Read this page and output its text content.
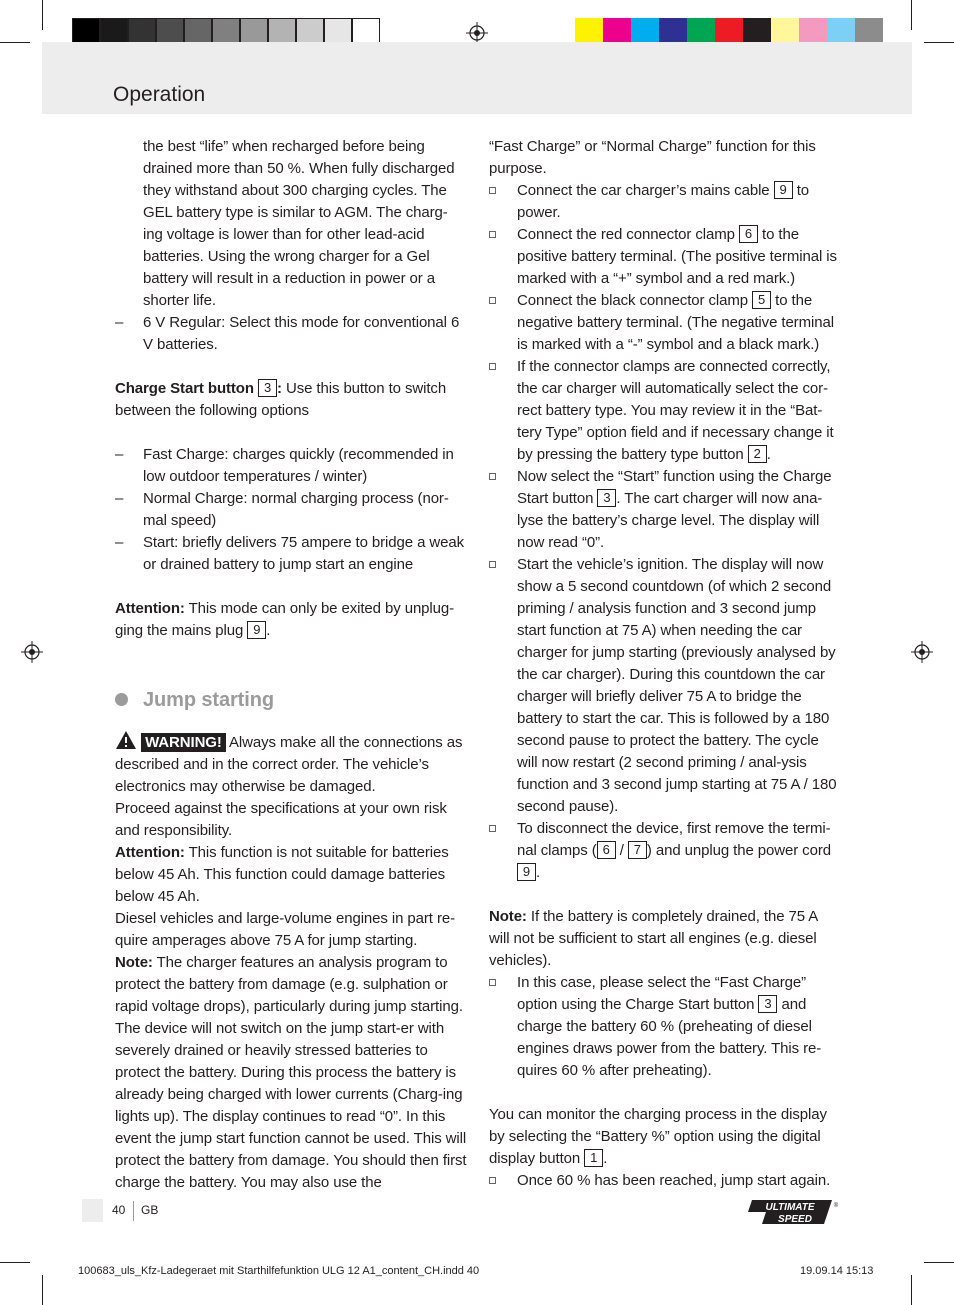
Operation

the best “life” when recharged before being drained more than 50 %. When fully discharged they withstand about 300 charging cycles. The GEL battery type is similar to AGM. The charg-ing voltage is lower than for other lead-acid batteries. Using the wrong charger for a Gel battery will result in a reduction in power or a shorter life.

– 6 V Regular: Select this mode for conventional 6 V batteries.

Charge Start button 3 : Use this button to switch between the following options

– Fast Charge: charges quickly (recommended in low outdoor temperatures / winter)

– Normal Charge: normal charging process (nor-mal speed)

– Start: briefly delivers 75 ampere to bridge a weak or drained battery to jump start an engine

Attention: This mode can only be exited by unplug-ging the mains plug 9 .

Jump starting

WARNING! Always make all the connections as described and in the correct order. The vehicle’s electronics may otherwise be damaged.

Proceed against the specifications at your own risk and responsibility.

Attention: This function is not suitable for batteries below 45 Ah. This function could damage batteries below 45 Ah.

Diesel vehicles and large-volume engines in part re-quire amperages above 75 A for jump starting.

Note: The charger features an analysis program to protect the battery from damage (e.g. sulphation or rapid voltage drops), particularly during jump starting. The device will not switch on the jump start-er with severely drained or heavily stressed batteries to protect the battery. During this process the battery is already being charged with lower currents (Charg-ing lights up). The display continues to read “0”. In this event the jump start function cannot be used. This will protect the battery from damage. You should then first charge the battery. You may also use the

“Fast Charge” or “Normal Charge” function for this purpose.

Connect the car charger’s mains cable 9 to power.

Connect the red connector clamp 6 to the positive battery terminal. (The positive terminal is marked with a “+” symbol and a red mark.)

Connect the black connector clamp 5 to the negative battery terminal. (The negative terminal is marked with a “-” symbol and a black mark.)

If the connector clamps are connected correctly, the car charger will automatically select the cor-rect battery type. You may review it in the “Bat-tery Type” option field and if necessary change it by pressing the battery type button 2 .

Now select the “Start” function using the Charge Start button 3 . The cart charger will now ana-lyse the battery’s charge level. The display will now read “0”.

Start the vehicle’s ignition. The display will now show a 5 second countdown (of which 2 second priming / analysis function and 3 second jump start function at 75 A) when needing the car charger for jump starting (previously analysed by the car charger). During this countdown the car charger will briefly deliver 75 A to bridge the battery to start the car. This is followed by a 180 second pause to protect the battery. The cycle will now restart (2 second priming / anal-ysis function and 3 second jump starting at 75 A / 180 second pause).

To disconnect the device, first remove the termi-nal clamps ( 6 / 7 ) and unplug the power cord 9 .

Note: If the battery is completely drained, the 75 A will not be sufficient to start all engines (e.g. diesel vehicles).

In this case, please select the “Fast Charge” option using the Charge Start button 3 and charge the battery 60 % (preheating of diesel engines draws power from the battery. This re-quires 60 % after preheating).

You can monitor the charging process in the display by selecting the “Battery %” option using the digital display button 1 .

Once 60 % has been reached, jump start again.

40 GB	ULTIMATE
SPEED
®
100683_uls_Kfz-Ladegeraet mit Starthilfefunktion ULG 12 A1_content_CH.indd 40	19.09.14 15:13
